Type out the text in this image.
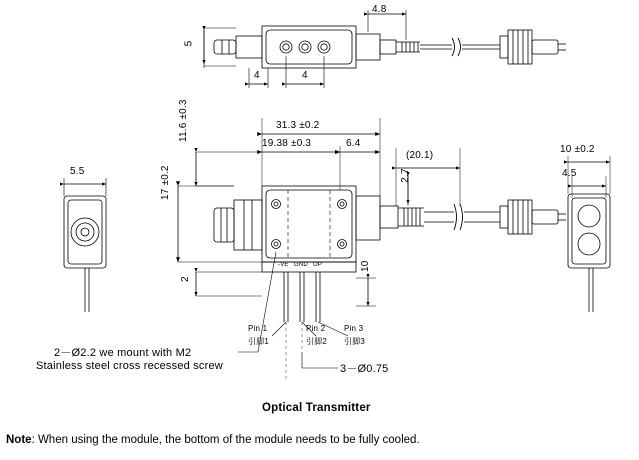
5
4.8
4	4
5.5
31.3 ±0.2
19.38 ±0.3	6.4
(20.1)
2.7
11.6 ±0.3
17 ±0.2
2
10
10 ±0.2
4.5
-VE GND OP
Pin 1
引脚1
Pin 2
引脚2
Pin 3
引脚3
2－Ø2.2 we mount with M2
Stainless steel cross recessed screw	3－Ø0.75
Optical Transmitter
Note: When using the module, the bottom of the module needs to be fully cooled.
